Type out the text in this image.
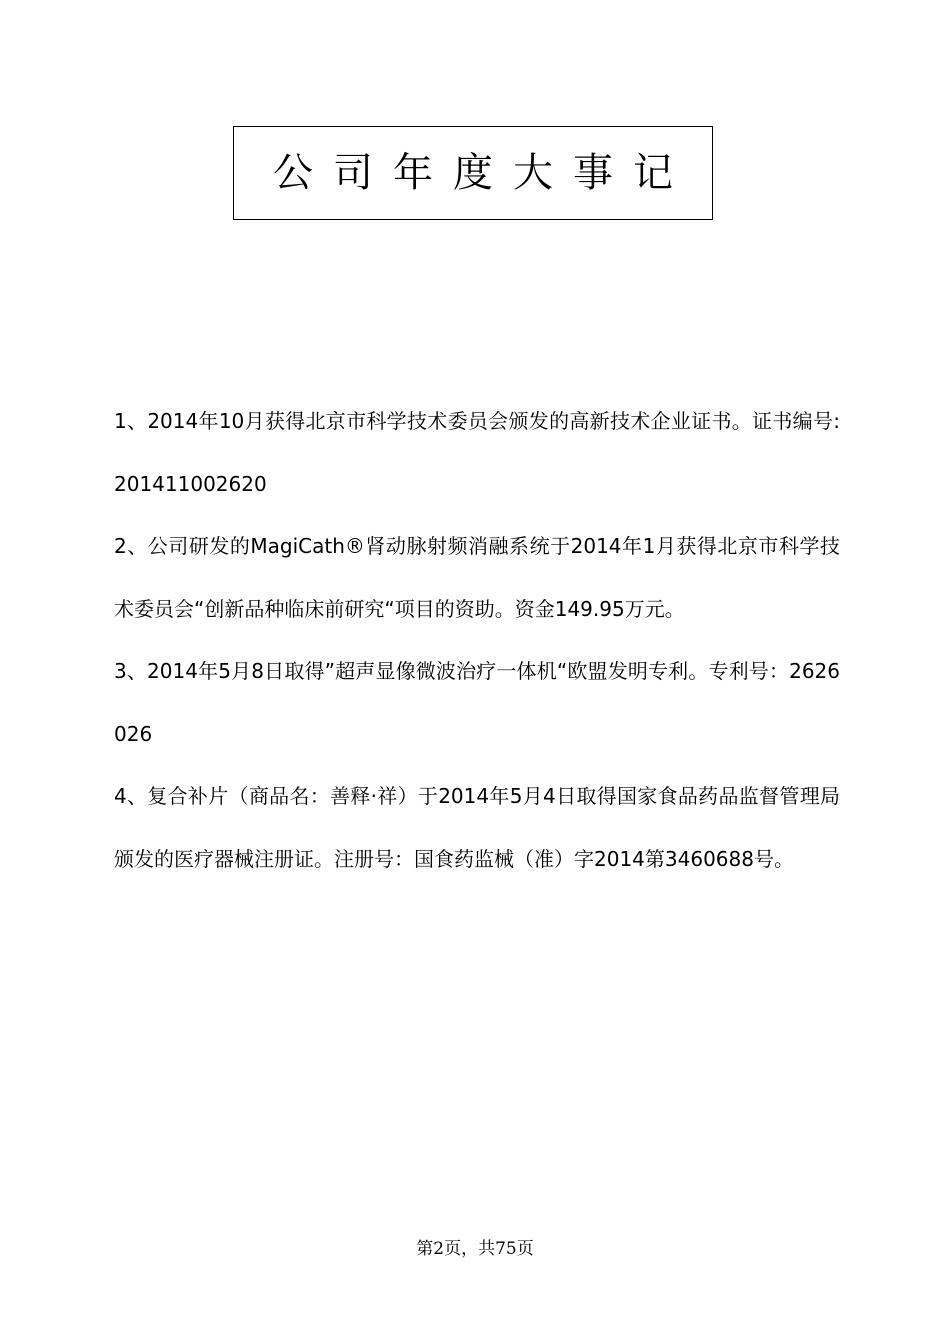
公司年度大事记

1、2014年10月获得北京市科学技术委员会颁发的高新技术企业证书。证书编号:201411002620

2、公司研发的MagiCath®肾动脉射频消融系统于2014年1月获得北京市科学技术委员会“创新品种临床前研究“项目的资助。资金149.95万元。

3、2014年5月8日取得”超声显像微波治疗一体机“欧盟发明专利。专利号：2626026

4、复合补片（商品名：善释·祥）于2014年5月4日取得国家食品药品监督管理局颁发的医疗器械注册证。注册号：国食药监械（准）字2014第3460688号。

第2页，共75页
